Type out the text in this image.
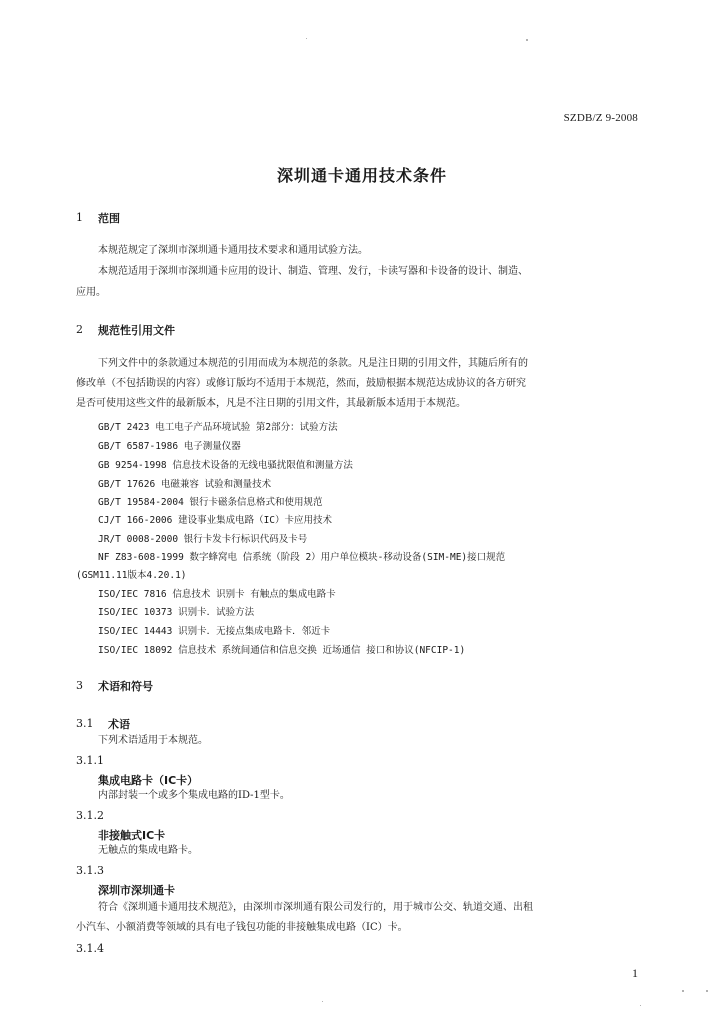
SZDB/Z 9-2008
深圳通卡通用技术条件
1 范围
本规范规定了深圳市深圳通卡通用技术要求和通用试验方法。
本规范适用于深圳市深圳通卡应用的设计、制造、管理、发行，卡读写器和卡设备的设计、制造、
应用。
2 规范性引用文件
下列文件中的条款通过本规范的引用而成为本规范的条款。凡是注日期的引用文件，其随后所有的
修改单（不包括勘误的内容）或修订版均不适用于本规范，然而，鼓励根据本规范达成协议的各方研究
是否可使用这些文件的最新版本，凡是不注日期的引用文件，其最新版本适用于本规范。
GB/T 2423 电工电子产品环境试验 第2部分：试验方法
GB/T 6587-1986 电子测量仪器
GB 9254-1998 信息技术设备的无线电骚扰限值和测量方法
GB/T 17626 电磁兼容 试验和测量技术
GB/T 19584-2004 银行卡磁条信息格式和使用规范
CJ/T 166-2006 建设事业集成电路（IC）卡应用技术
JR/T 0008-2000 银行卡发卡行标识代码及卡号
NF Z83-608-1999 数字蜂窝电 信系统（阶段 2）用户单位模块-移动设备(SIM-ME)接口规范
(GSM11.11版本4.20.1)
ISO/IEC 7816 信息技术 识别卡 有触点的集成电路卡
ISO/IEC 10373 识别卡．试验方法
ISO/IEC 14443 识别卡．无接点集成电路卡．邻近卡
ISO/IEC 18092 信息技术 系统间通信和信息交换 近场通信 接口和协议(NFCIP-1)
3 术语和符号
3.1 术语
下列术语适用于本规范。
3.1.1
集成电路卡（IC卡）
内部封装一个或多个集成电路的ID-1型卡。
3.1.2
非接触式IC卡
无触点的集成电路卡。
3.1.3
深圳市深圳通卡
符合《深圳通卡通用技术规范》，由深圳市深圳通有限公司发行的，用于城市公交、轨道交通、出租
小汽车、小额消费等领域的具有电子钱包功能的非接触集成电路（IC）卡。
3.1.4
1
